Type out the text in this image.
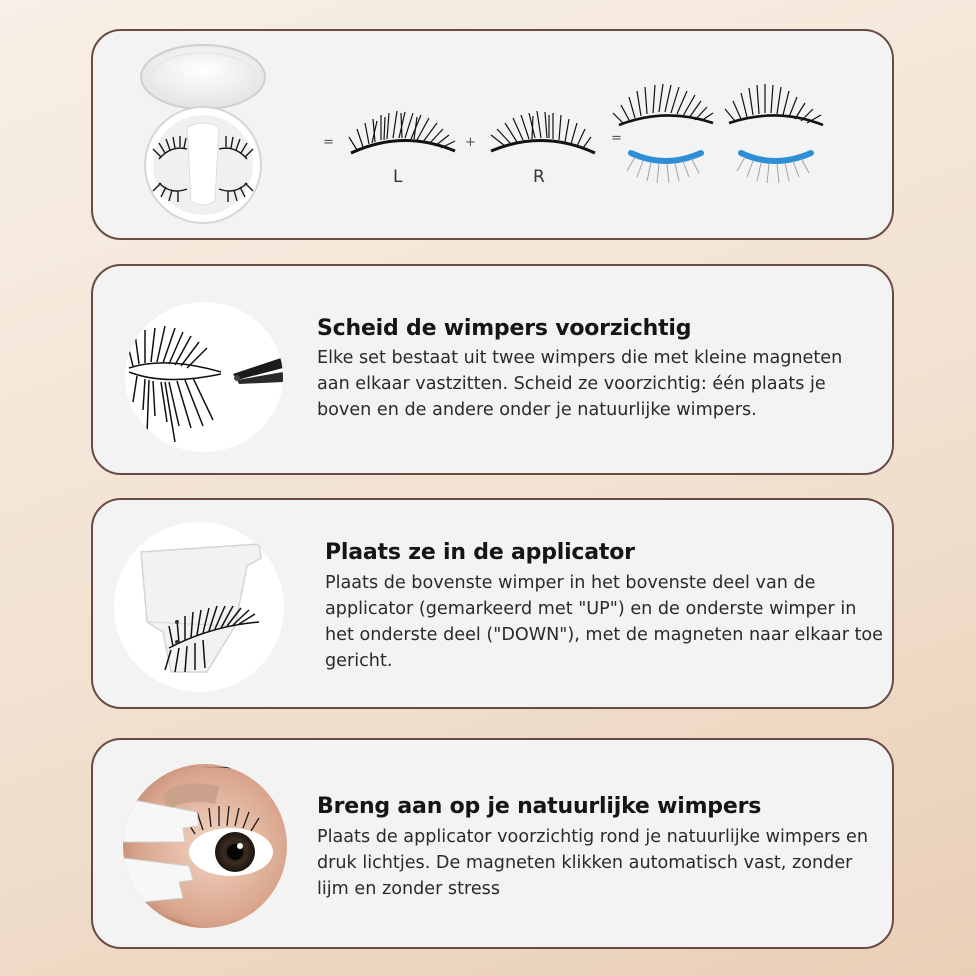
=
L
+
R
=
Scheid de wimpers voorzichtig

Elke set bestaat uit twee wimpers die met kleine magneten aan elkaar vastzitten. Scheid ze voorzichtig: één plaats je boven en de andere onder je natuurlijke wimpers.

Plaats ze in de applicator

Plaats de bovenste wimper in het bovenste deel van de applicator (gemarkeerd met "UP") en de onderste wimper in het onderste deel ("DOWN"), met de magneten naar elkaar toe gericht.

Breng aan op je natuurlijke wimpers

Plaats de applicator voorzichtig rond je natuurlijke wimpers en druk lichtjes. De magneten klikken automatisch vast, zonder lijm en zonder stress
